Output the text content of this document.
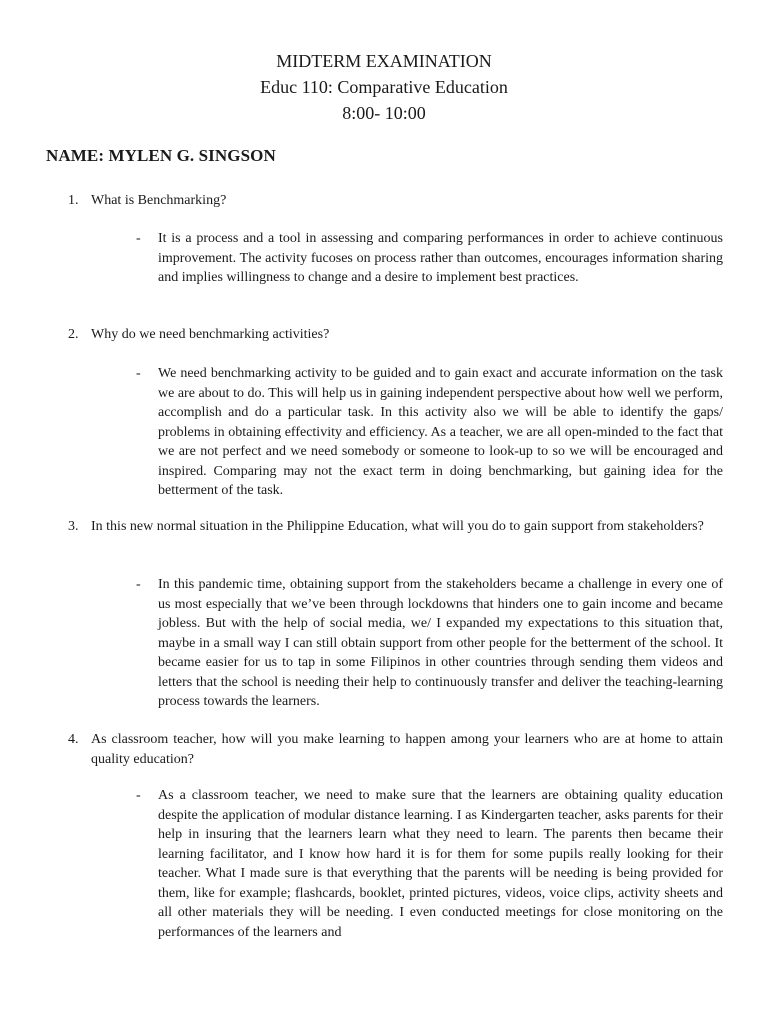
MIDTERM EXAMINATION
Educ 110: Comparative Education
8:00- 10:00
NAME: MYLEN G. SINGSON
1. What is Benchmarking?
- It is a process and a tool in assessing and comparing performances in order to achieve continuous improvement. The activity fucoses on process rather than outcomes, encourages information sharing and implies willingness to change and a desire to implement best practices.
2. Why do we need benchmarking activities?
- We need benchmarking activity to be guided and to gain exact and accurate information on the task we are about to do. This will help us in gaining independent perspective about how well we perform, accomplish and do a particular task. In this activity also we will be able to identify the gaps/ problems in obtaining effectivity and efficiency. As a teacher, we are all open-minded to the fact that we are not perfect and we need somebody or someone to look-up to so we will be encouraged and inspired. Comparing may not the exact term in doing benchmarking, but gaining idea for the betterment of the task.
3. In this new normal situation in the Philippine Education, what will you do to gain support from stakeholders?
- In this pandemic time, obtaining support from the stakeholders became a challenge in every one of us most especially that we’ve been through lockdowns that hinders one to gain income and became jobless. But with the help of social media, we/ I expanded my expectations to this situation that, maybe in a small way I can still obtain support from other people for the betterment of the school. It became easier for us to tap in some Filipinos in other countries through sending them videos and letters that the school is needing their help to continuously transfer and deliver the teaching-learning process towards the learners.
4. As classroom teacher, how will you make learning to happen among your learners who are at home to attain quality education?
- As a classroom teacher, we need to make sure that the learners are obtaining quality education despite the application of modular distance learning. I as Kindergarten teacher, asks parents for their help in insuring that the learners learn what they need to learn. The parents then became their learning facilitator, and I know how hard it is for them for some pupils really looking for their teacher. What I made sure is that everything that the parents will be needing is being provided for them, like for example; flashcards, booklet, printed pictures, videos, voice clips, activity sheets and all other materials they will be needing. I even conducted meetings for close monitoring on the performances of the learners and
